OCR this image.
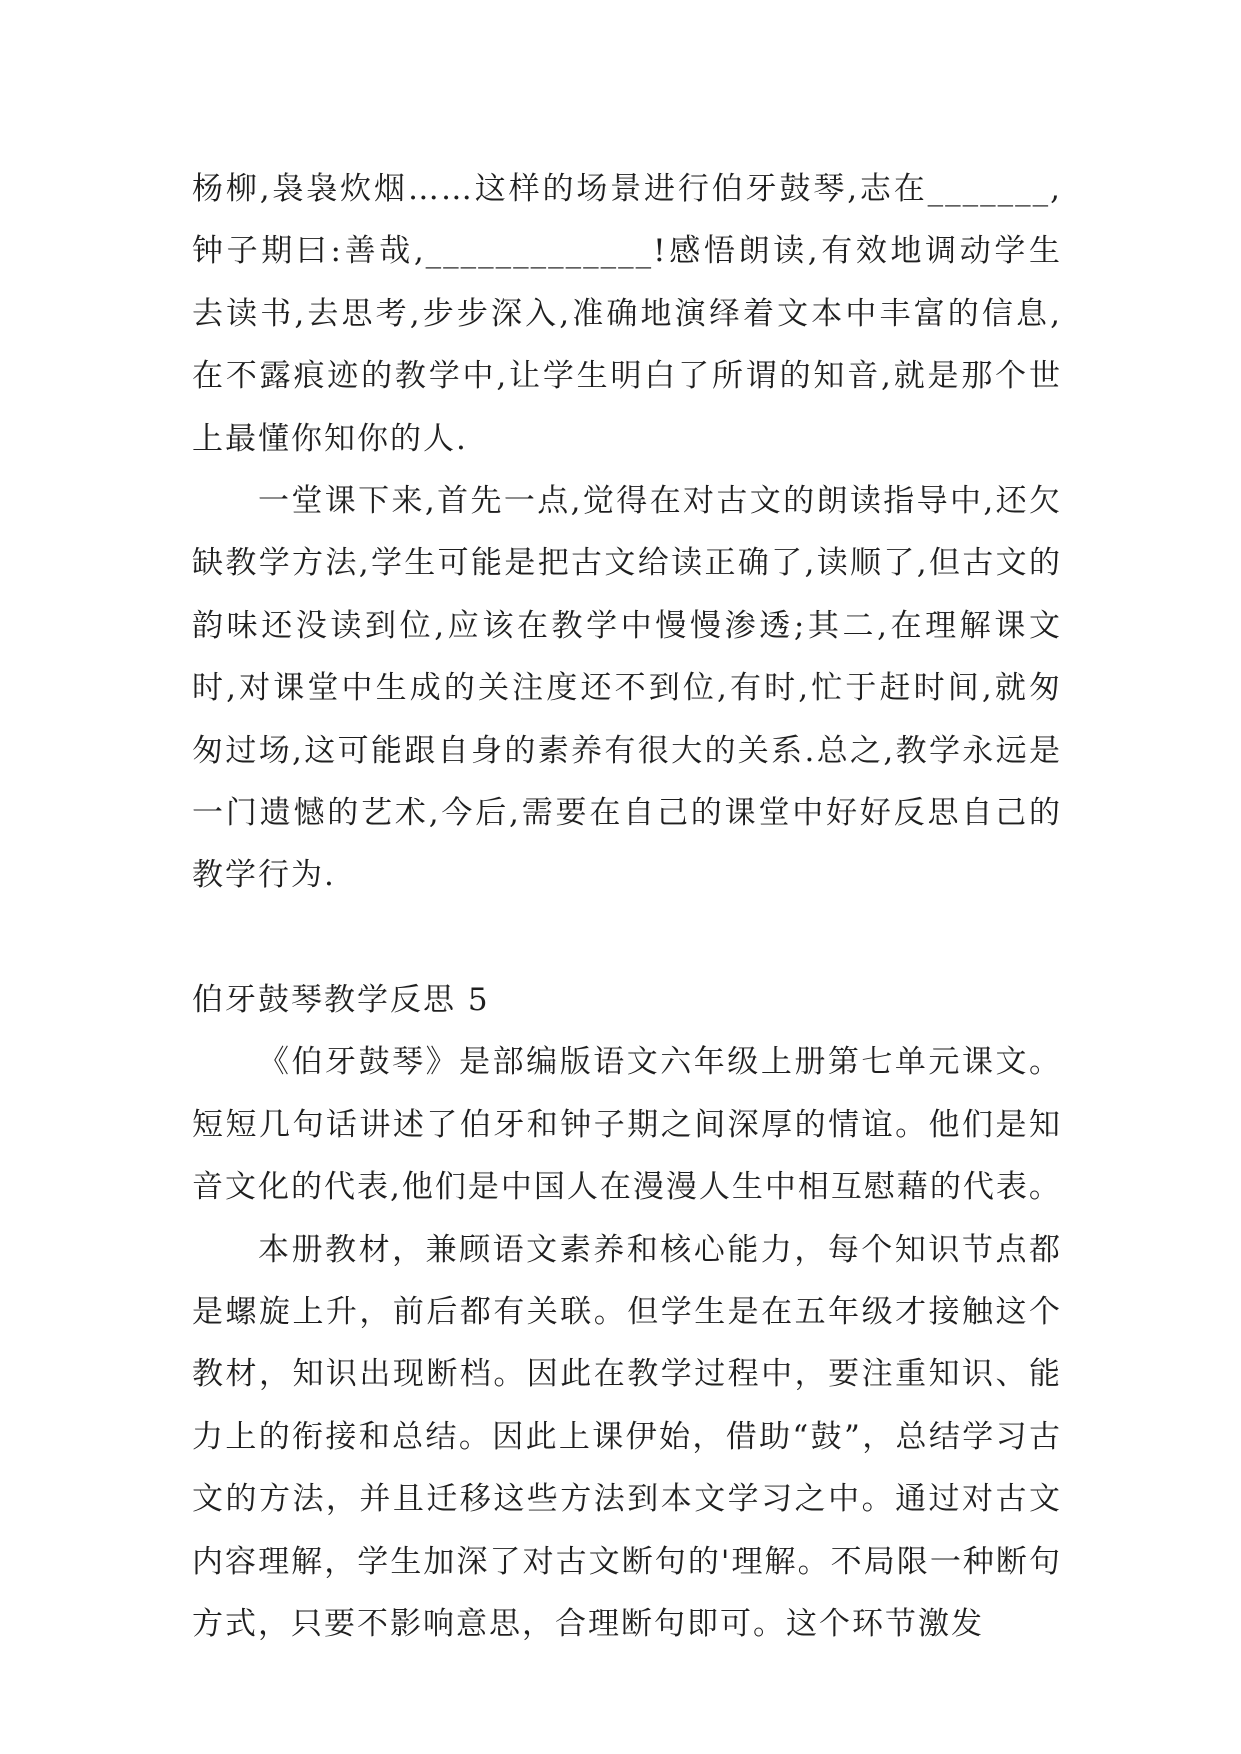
杨柳,袅袅炊烟……这样的场景进行伯牙鼓琴,志在_______,钟子期曰:善哉,_____________!感悟朗读,有效地调动学生去读书,去思考,步步深入,准确地演绎着文本中丰富的信息,在不露痕迹的教学中,让学生明白了所谓的知音,就是那个世上最懂你知你的人.

一堂课下来,首先一点,觉得在对古文的朗读指导中,还欠缺教学方法,学生可能是把古文给读正确了,读顺了,但古文的韵味还没读到位,应该在教学中慢慢渗透;其二,在理解课文时,对课堂中生成的关注度还不到位,有时,忙于赶时间,就匆匆过场,这可能跟自身的素养有很大的关系.总之,教学永远是一门遗憾的艺术,今后,需要在自己的课堂中好好反思自己的教学行为.

伯牙鼓琴教学反思 5

《伯牙鼓琴》是部编版语文六年级上册第七单元课文。短短几句话讲述了伯牙和钟子期之间深厚的情谊。他们是知音文化的代表,他们是中国人在漫漫人生中相互慰藉的代表。

本册教材，兼顾语文素养和核心能力，每个知识节点都是螺旋上升，前后都有关联。但学生是在五年级才接触这个教材，知识出现断档。因此在教学过程中，要注重知识、能力上的衔接和总结。因此上课伊始，借助“鼓”，总结学习古文的方法，并且迁移这些方法到本文学习之中。通过对古文内容理解，学生加深了对古文断句的'理解。不局限一种断句方式，只要不影响意思，合理断句即可。这个环节激发
